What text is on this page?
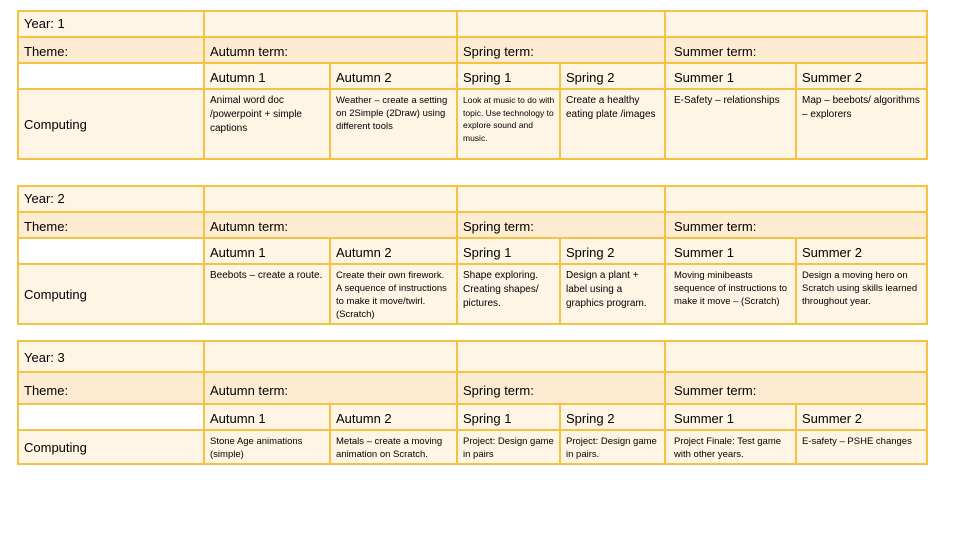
Year: 1						
Theme:	Autumn term:		Spring term:		Summer term:	
	Autumn 1	Autumn 2	Spring 1	Spring 2	Summer 1	Summer 2
Computing	Animal word doc /powerpoint + simple captions	Weather – create a setting on 2Simple (2Draw) using different tools	Look at music to do with topic. Use technology to explore sound and music.	Create a healthy eating plate /images	E-Safety – relationships	Map – beebots/ algorithms – explorers
Year: 2						
Theme:	Autumn term:		Spring term:		Summer term:	
	Autumn 1	Autumn 2	Spring 1	Spring 2	Summer 1	Summer 2
Computing	Beebots – create a route.	Create their own firework. A sequence of instructions to make it move/twirl. (Scratch)	Shape exploring. Creating shapes/ pictures.	Design a plant + label using a graphics program.	Moving minibeasts sequence of instructions to make it move – (Scratch)	Design a moving hero on Scratch using skills learned throughout year.
Year: 3						
Theme:	Autumn term:		Spring term:		Summer term:	
	Autumn 1	Autumn 2	Spring 1	Spring 2	Summer 1	Summer 2
Computing	Stone Age animations (simple)	Metals – create a moving animation on Scratch.	Project: Design game in pairs	Project: Design game in pairs.	Project Finale: Test game with other years.	E-safety – PSHE changes
